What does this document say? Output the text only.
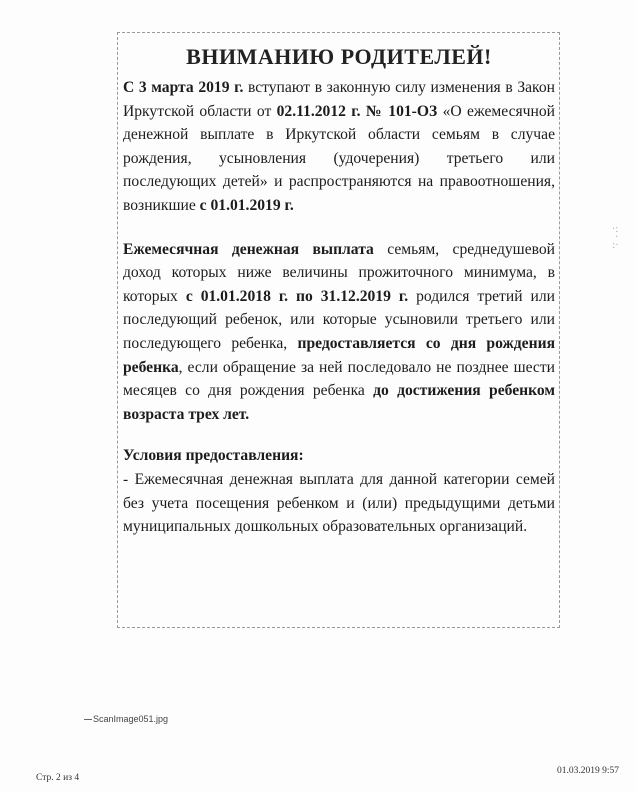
ВНИМАНИЮ РОДИТЕЛЕЙ!

С 3 марта 2019 г. вступают в законную силу изменения в Закон Иркутской области от 02.11.2012 г. № 101-ОЗ «О ежемесячной денежной выплате в Иркутской области семьям в случае рождения, усыновления (удочерения) третьего или последующих детей» и распространяются на правоотношения, возникшие с 01.01.2019 г.

Ежемесячная денежная выплата семьям, среднедушевой доход которых ниже величины прожиточного минимума, в которых с 01.01.2018 г. по 31.12.2019 г. родился третий или последующий ребенок, или которые усыновили третьего или последующего ребенка, предоставляется со дня рождения ребенка, если обращение за ней последовало не позднее шести месяцев со дня рождения ребенка до достижения ребенком возраста трех лет.

Условия предоставления:

- Ежемесячная денежная выплата для данной категории семей без учета посещения ребенком и (или) предыдущими детьми муниципальных дошкольных образовательных организаций.

·:
·
:·
ScanImage051.jpg
Стр. 2 из 4
01.03.2019 9:57
